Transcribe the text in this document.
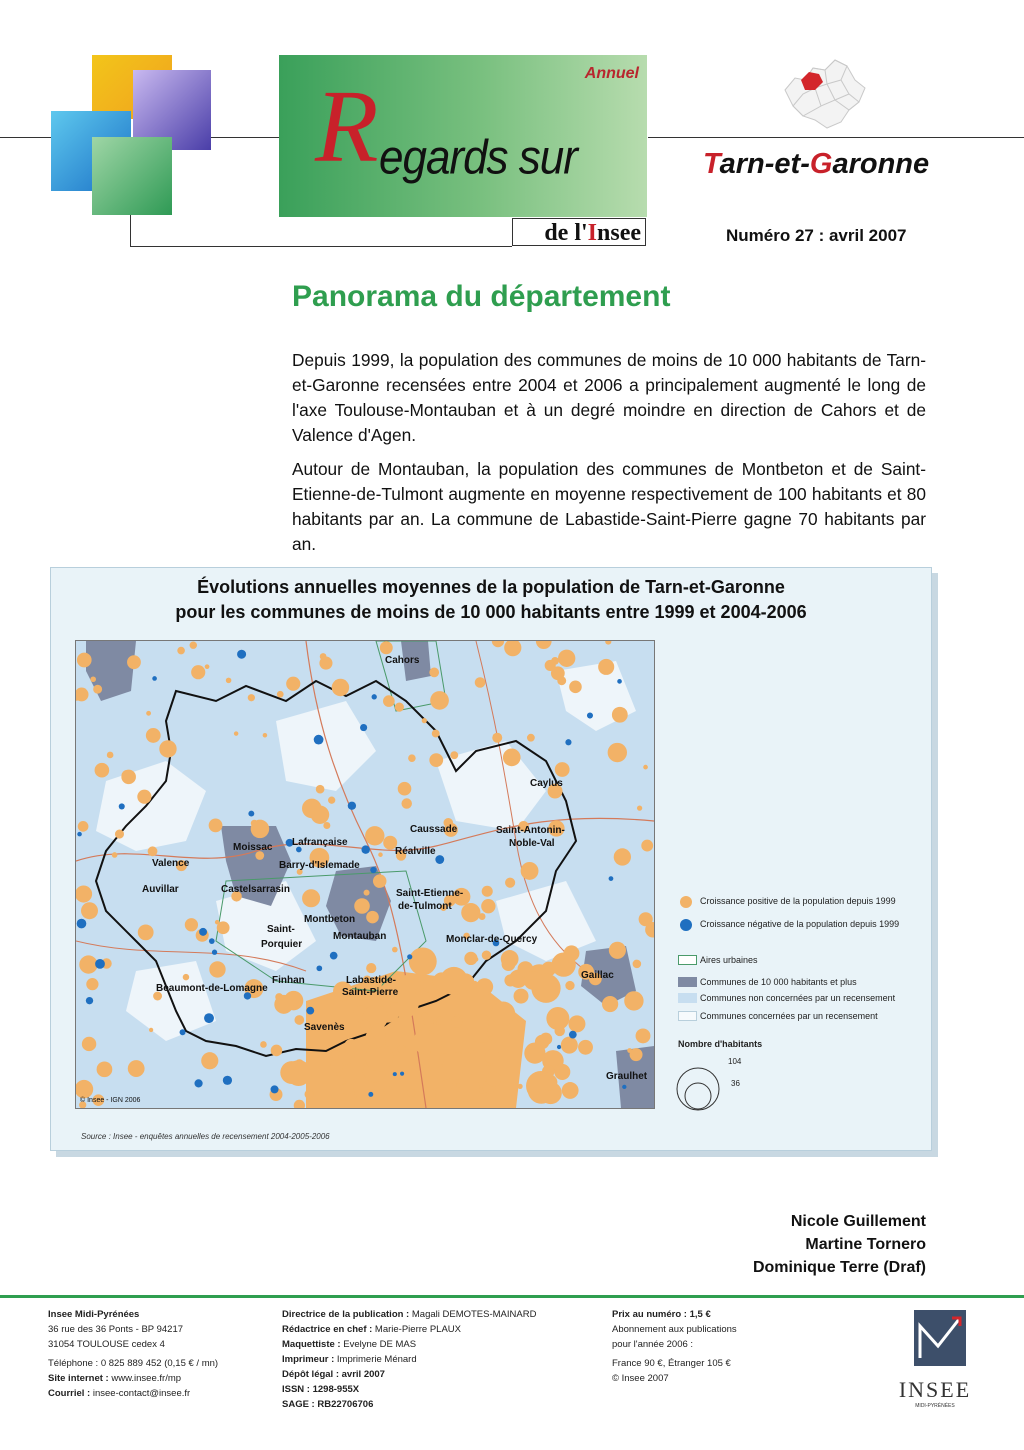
Annuel
R egards sur
de l'Insee
Tarn-et-Garonne
Numéro 27 : avril 2007
Panorama du département

Depuis 1999, la population des communes de moins de 10 000 habitants de Tarn-et-Garonne recensées entre 2004 et 2006 a principalement augmenté le long de l'axe Toulouse-Montauban et à un degré moindre en direction de Cahors et de Valence d'Agen.

Autour de Montauban, la population des communes de Montbeton et de Saint-Etienne-de-Tulmont augmente en moyenne respectivement de 100 habitants et 80 habitants par an. La commune de Labastide-Saint-Pierre gagne 70 habitants par an.

Évolutions annuelles moyennes de la population de Tarn-et-Garonne
pour les communes de moins de 10 000 habitants entre 1999 et 2004-2006
Cahors
Caylus
Caussade	Saint-Antonin-
Noble-Val
Moissac Lafrançaise
Réalville
Barry-d'Islemade
Valence
Auvillar	Castelsarrasin	Saint-Etienne-
de-Tulmont
Montbeton
Montauban
Saint-
Porquier	Monclar-de-Quercy
Gaillac
Finhan	Labastide-
Saint-Pierre
Beaumont-de-Lomagne
Savenès
Graulhet
© Insee - IGN 2006
Croissance positive de la population depuis 1999
Croissance négative de la population depuis 1999
Aires urbaines
Communes de 10 000 habitants et plus
Communes non concernées par un recensement
Communes concernées par un recensement
Nombre d'habitants
104
36
Source : Insee - enquêtes annuelles de recensement 2004-2005-2006
Nicole Guillement
Martine Tornero
Dominique Terre (Draf)
Insee Midi-Pyrénées
36 rue des 36 Ponts - BP 94217
31054 TOULOUSE cedex 4
Téléphone : 0 825 889 452 (0,15 € / mn)
Site internet : www.insee.fr/mp
Courriel : insee-contact@insee.fr
Directrice de la publication : Magali DEMOTES-MAINARD
Rédactrice en chef : Marie-Pierre PLAUX
Maquettiste : Evelyne DE MAS
Imprimeur : Imprimerie Ménard
Dépôt légal : avril 2007
ISSN : 1298-955X
SAGE : RB22706706
Prix au numéro : 1,5 €
Abonnement aux publications
pour l'année 2006 :
France 90 €, Étranger 105 €
© Insee 2007	INSEE
MIDI-PYRÉNÉES
